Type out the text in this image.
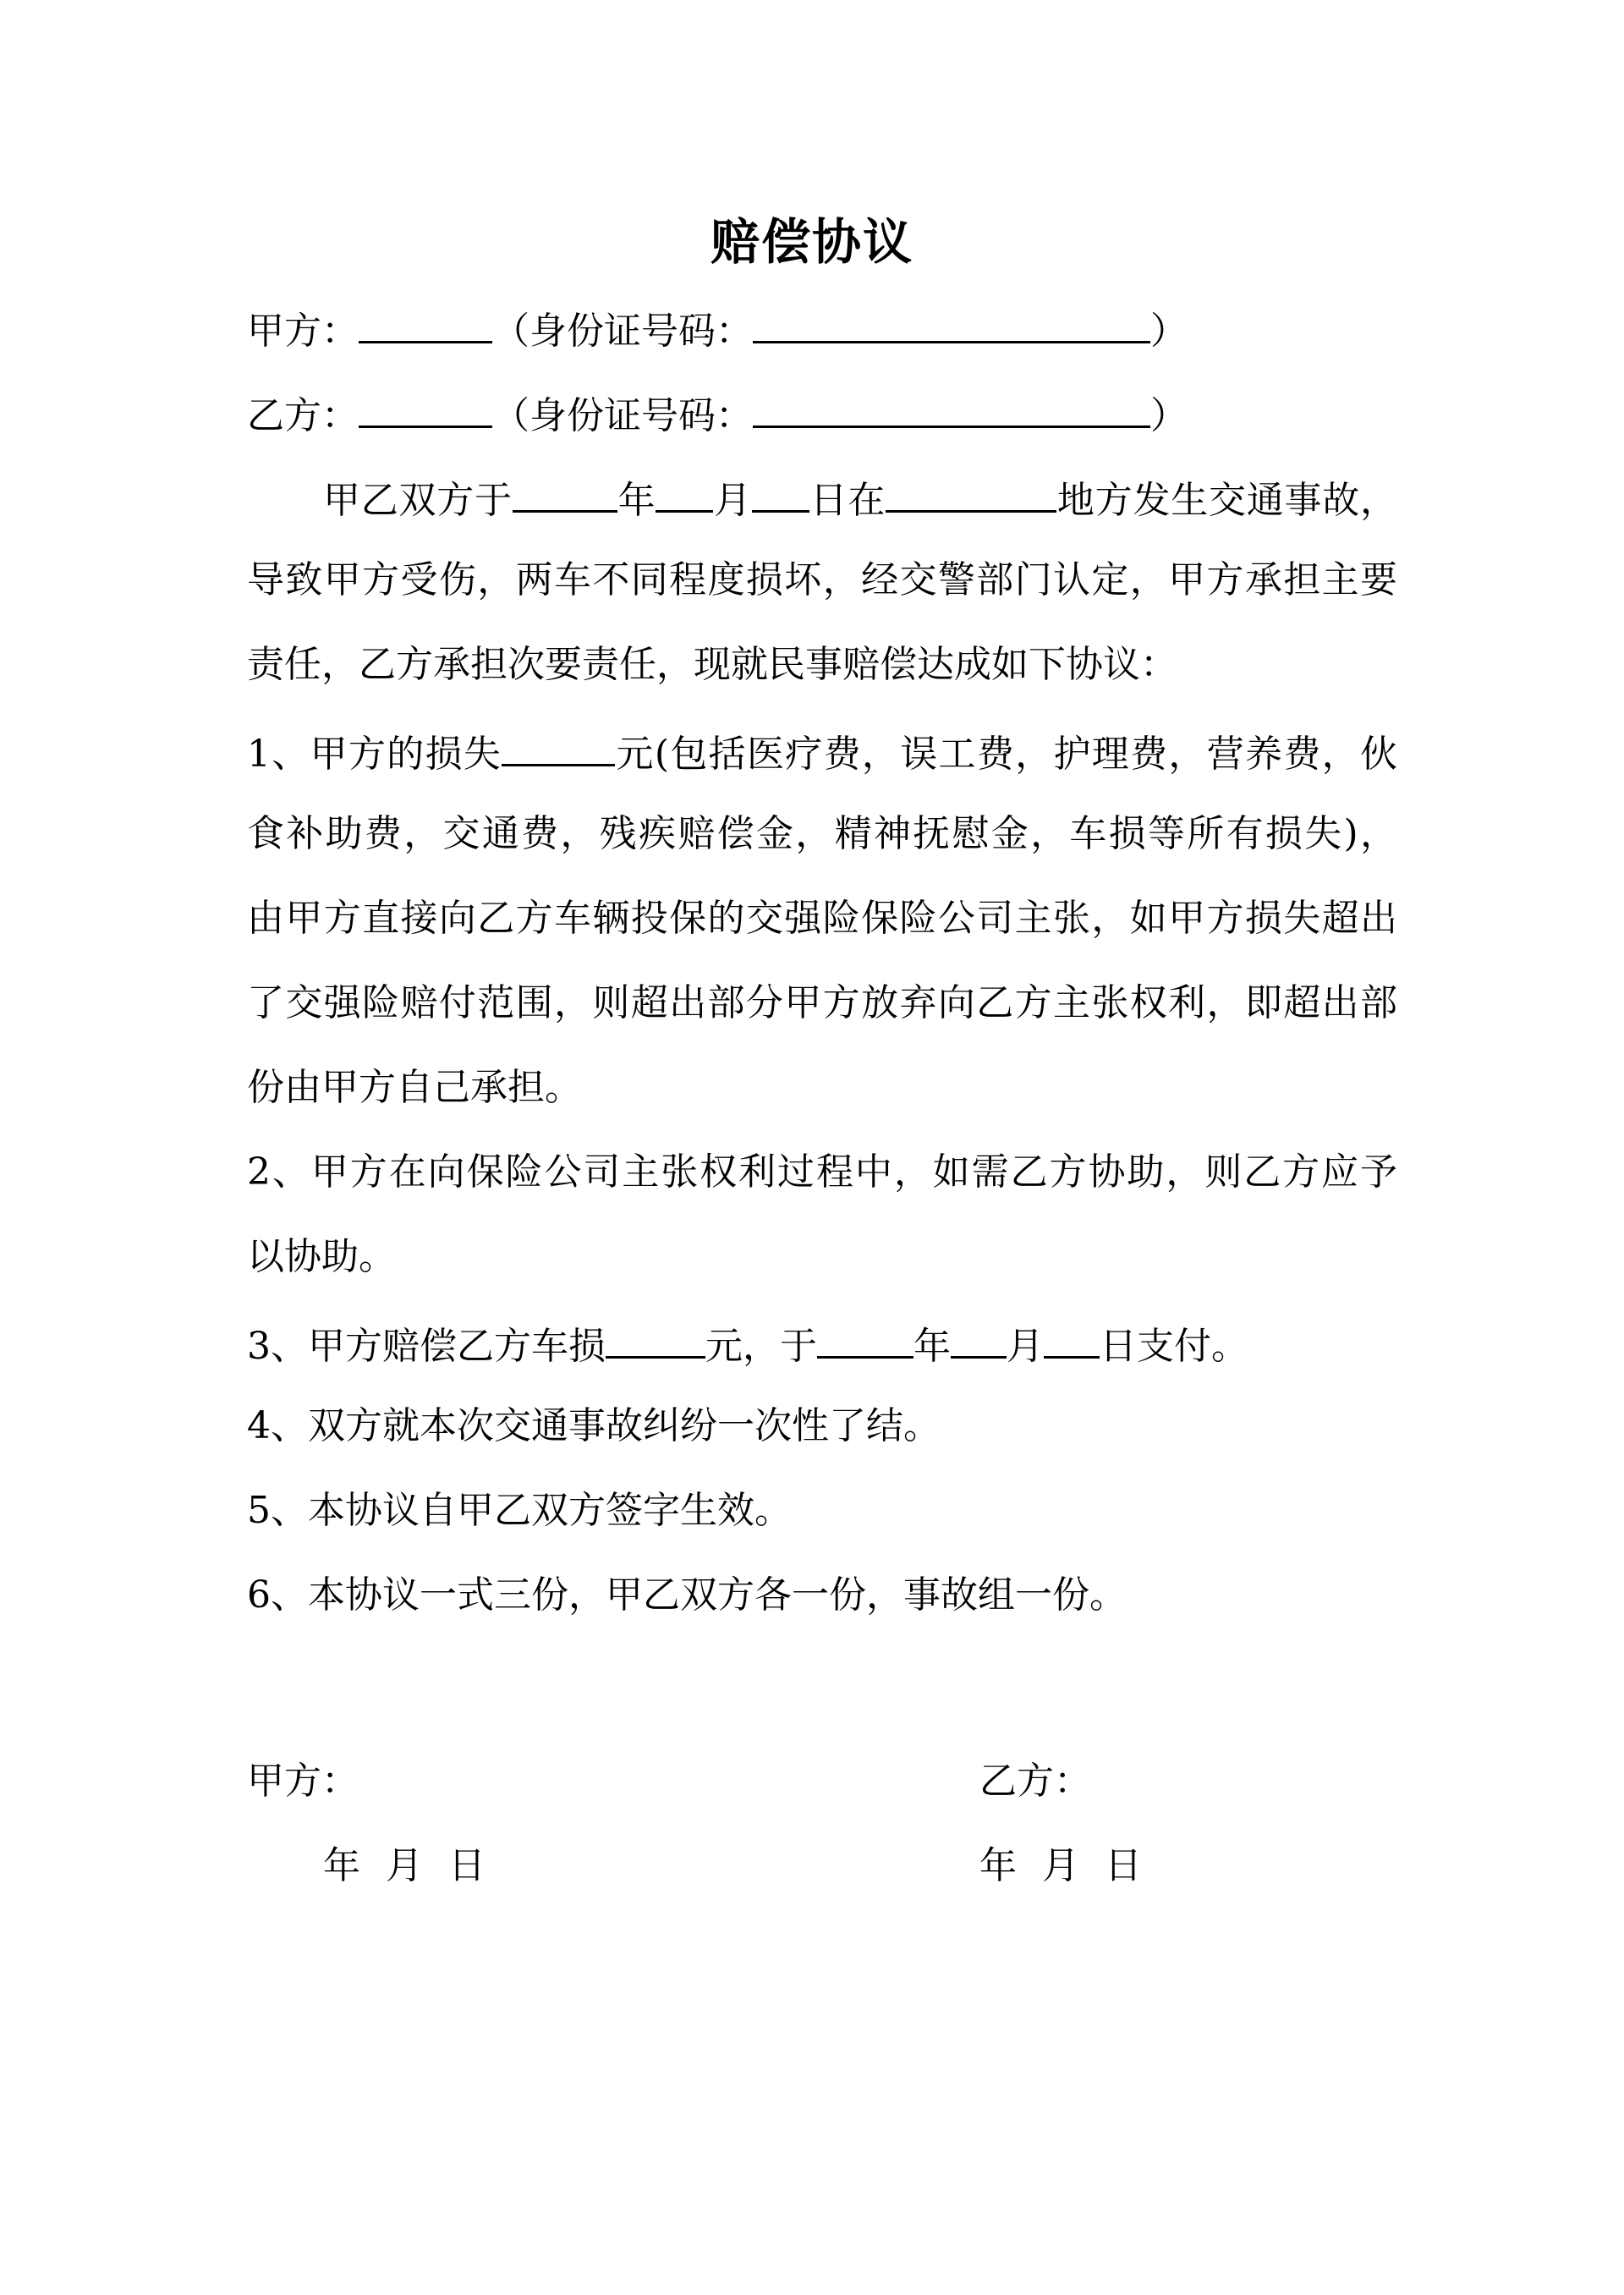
赔偿协议
甲方：	（身份证号码：	）
乙方：	（身份证号码：	）
甲乙双方于	年 月 日在	地方发生交通事故，
导致甲方受伤，两车不同程度损坏，经交警部门认定，甲方承担主要
责任，乙方承担次要责任，现就民事赔偿达成如下协议：
1、甲方的损失	元(包括医疗费，误工费，护理费，营养费，伙
食补助费，交通费，残疾赔偿金，精神抚慰金，车损等所有损失)，
由甲方直接向乙方车辆投保的交强险保险公司主张，如甲方损失超出
了交强险赔付范围，则超出部分甲方放弃向乙方主张权利，即超出部
份由甲方自己承担。
2、甲方在向保险公司主张权利过程中，如需乙方协助，则乙方应予
以协助。
3、甲方赔偿乙方车损	元，于	年 月 日支付。
4、双方就本次交通事故纠纷一次性了结。
5、本协议自甲乙双方签字生效。
6、本协议一式三份，甲乙双方各一份，事故组一份。
甲方：	乙方：
年 月 日	年 月 日
